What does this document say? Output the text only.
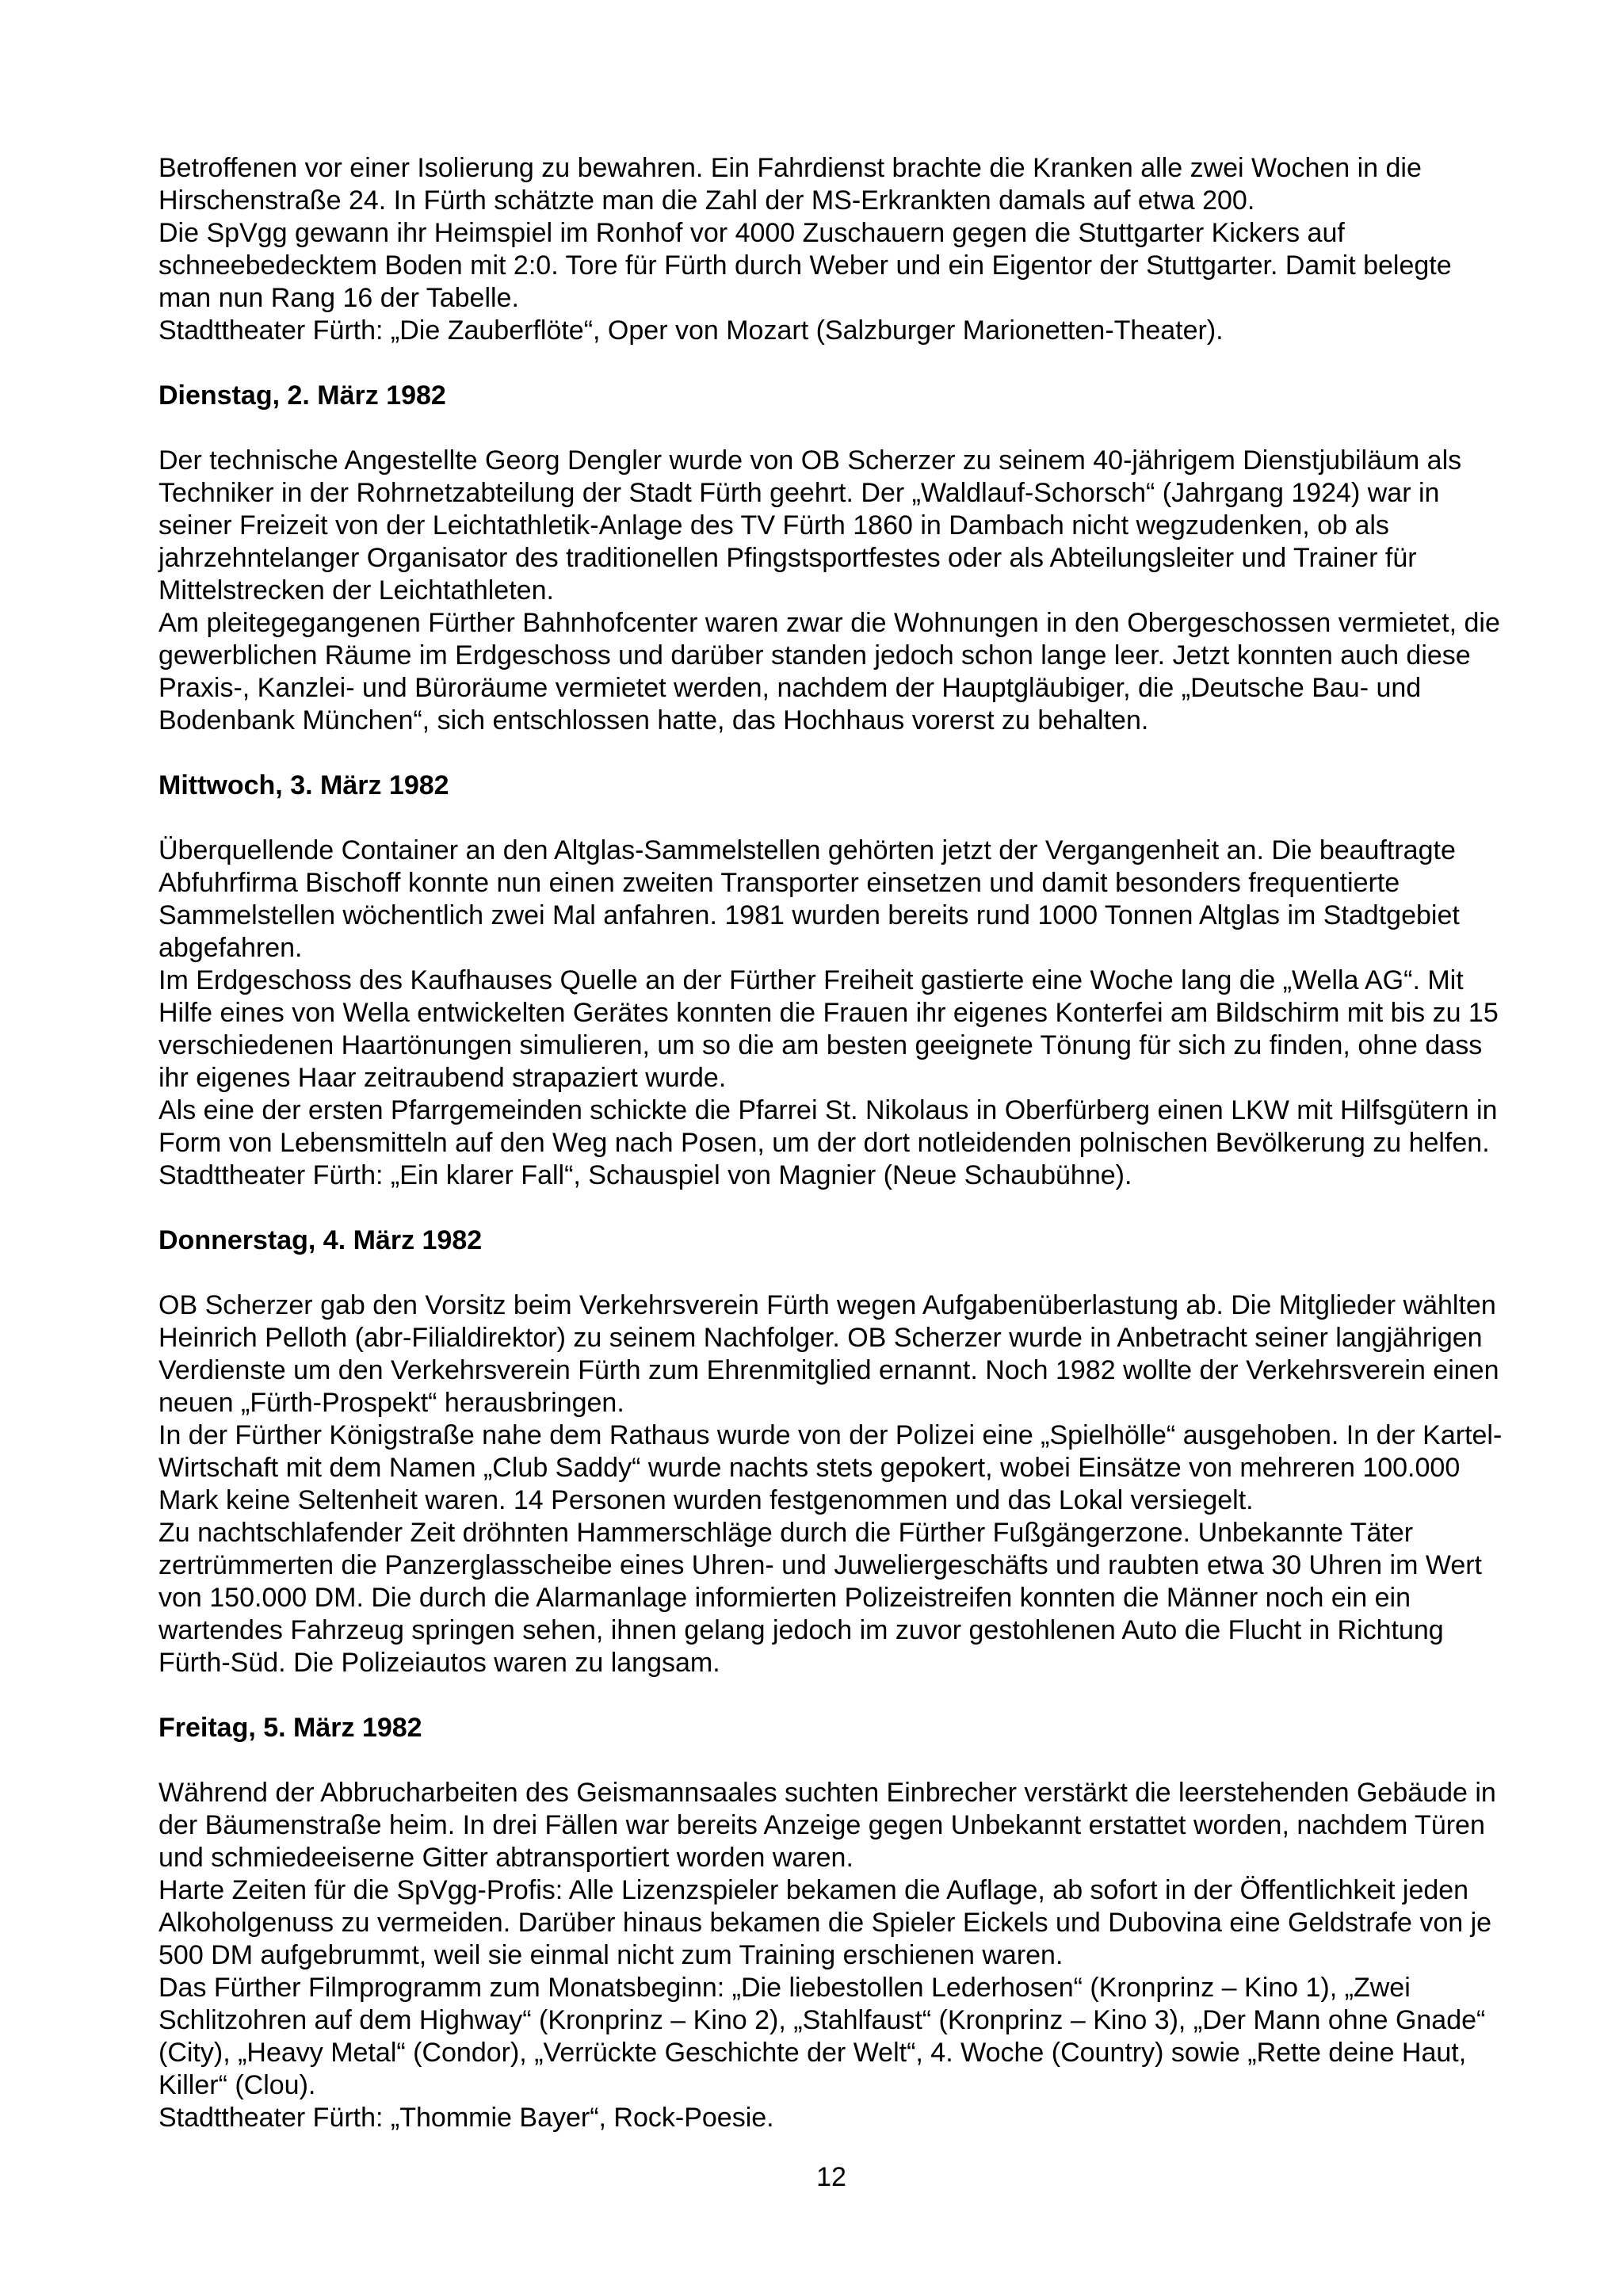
Betroffenen vor einer Isolierung zu bewahren. Ein Fahrdienst brachte die Kranken alle zwei Wochen in die Hirschenstraße 24. In Fürth schätzte man die Zahl der MS-Erkrankten damals auf etwa 200.

Die SpVgg gewann ihr Heimspiel im Ronhof vor 4000 Zuschauern gegen die Stuttgarter Kickers auf schneebedecktem Boden mit 2:0. Tore für Fürth durch Weber und ein Eigentor der Stuttgarter. Damit belegte man nun Rang 16 der Tabelle.

Stadttheater Fürth: „Die Zauberflöte“, Oper von Mozart (Salzburger Marionetten-Theater).

Dienstag, 2. März 1982

Der technische Angestellte Georg Dengler wurde von OB Scherzer zu seinem 40-jährigem Dienstjubiläum als Techniker in der Rohrnetzabteilung der Stadt Fürth geehrt. Der „Waldlauf-Schorsch“ (Jahrgang 1924) war in seiner Freizeit von der Leichtathletik-Anlage des TV Fürth 1860 in Dambach nicht wegzudenken, ob als jahrzehntelanger Organisator des traditionellen Pfingstsportfestes oder als Abteilungsleiter und Trainer für Mittelstrecken der Leichtathleten.

Am pleitegegangenen Fürther Bahnhofcenter waren zwar die Wohnungen in den Obergeschossen vermietet, die gewerblichen Räume im Erdgeschoss und darüber standen jedoch schon lange leer. Jetzt konnten auch diese Praxis-, Kanzlei- und Büroräume vermietet werden, nachdem der Hauptgläubiger, die „Deutsche Bau- und Bodenbank München“, sich entschlossen hatte, das Hochhaus vorerst zu behalten.

Mittwoch, 3. März 1982

Überquellende Container an den Altglas-Sammelstellen gehörten jetzt der Vergangenheit an. Die beauftragte Abfuhrfirma Bischoff konnte nun einen zweiten Transporter einsetzen und damit besonders frequentierte Sammelstellen wöchentlich zwei Mal anfahren. 1981 wurden bereits rund 1000 Tonnen Altglas im Stadtgebiet abgefahren.

Im Erdgeschoss des Kaufhauses Quelle an der Fürther Freiheit gastierte eine Woche lang die „Wella AG“. Mit Hilfe eines von Wella entwickelten Gerätes konnten die Frauen ihr eigenes Konterfei am Bildschirm mit bis zu 15 verschiedenen Haartönungen simulieren, um so die am besten geeignete Tönung für sich zu finden, ohne dass ihr eigenes Haar zeitraubend strapaziert wurde.

Als eine der ersten Pfarrgemeinden schickte die Pfarrei St. Nikolaus in Oberfürberg einen LKW mit Hilfsgütern in Form von Lebensmitteln auf den Weg nach Posen, um der dort notleidenden polnischen Bevölkerung zu helfen.

Stadttheater Fürth: „Ein klarer Fall“, Schauspiel von Magnier (Neue Schaubühne).

Donnerstag, 4. März 1982

OB Scherzer gab den Vorsitz beim Verkehrsverein Fürth wegen Aufgabenüberlastung ab. Die Mitglieder wählten Heinrich Pelloth (abr-Filialdirektor) zu seinem Nachfolger. OB Scherzer wurde in Anbetracht seiner langjährigen Verdienste um den Verkehrsverein Fürth zum Ehrenmitglied ernannt. Noch 1982 wollte der Verkehrsverein einen neuen „Fürth-Prospekt“ herausbringen.

In der Fürther Königstraße nahe dem Rathaus wurde von der Polizei eine „Spielhölle“ ausgehoben. In der Kartel-Wirtschaft mit dem Namen „Club Saddy“ wurde nachts stets gepokert, wobei Einsätze von mehreren 100.000 Mark keine Seltenheit waren. 14 Personen wurden festgenommen und das Lokal versiegelt.

Zu nachtschlafender Zeit dröhnten Hammerschläge durch die Fürther Fußgängerzone. Unbekannte Täter zertrümmerten die Panzerglasscheibe eines Uhren- und Juweliergeschäfts und raubten etwa 30 Uhren im Wert von 150.000 DM. Die durch die Alarmanlage informierten Polizeistreifen konnten die Männer noch ein ein wartendes Fahrzeug springen sehen, ihnen gelang jedoch im zuvor gestohlenen Auto die Flucht in Richtung Fürth-Süd. Die Polizeiautos waren zu langsam.

Freitag, 5. März 1982

Während der Abbrucharbeiten des Geismannsaales suchten Einbrecher verstärkt die leerstehenden Gebäude in der Bäumenstraße heim. In drei Fällen war bereits Anzeige gegen Unbekannt erstattet worden, nachdem Türen und schmiedeeiserne Gitter abtransportiert worden waren.

Harte Zeiten für die SpVgg-Profis: Alle Lizenzspieler bekamen die Auflage, ab sofort in der Öffentlichkeit jeden Alkoholgenuss zu vermeiden. Darüber hinaus bekamen die Spieler Eickels und Dubovina eine Geldstrafe von je 500 DM aufgebrummt, weil sie einmal nicht zum Training erschienen waren.

Das Fürther Filmprogramm zum Monatsbeginn: „Die liebestollen Lederhosen“ (Kronprinz – Kino 1), „Zwei Schlitzohren auf dem Highway“ (Kronprinz – Kino 2), „Stahlfaust“ (Kronprinz – Kino 3), „Der Mann ohne Gnade“ (City), „Heavy Metal“ (Condor), „Verrückte Geschichte der Welt“, 4. Woche (Country) sowie „Rette deine Haut, Killer“ (Clou).

Stadttheater Fürth: „Thommie Bayer“, Rock-Poesie.

12
